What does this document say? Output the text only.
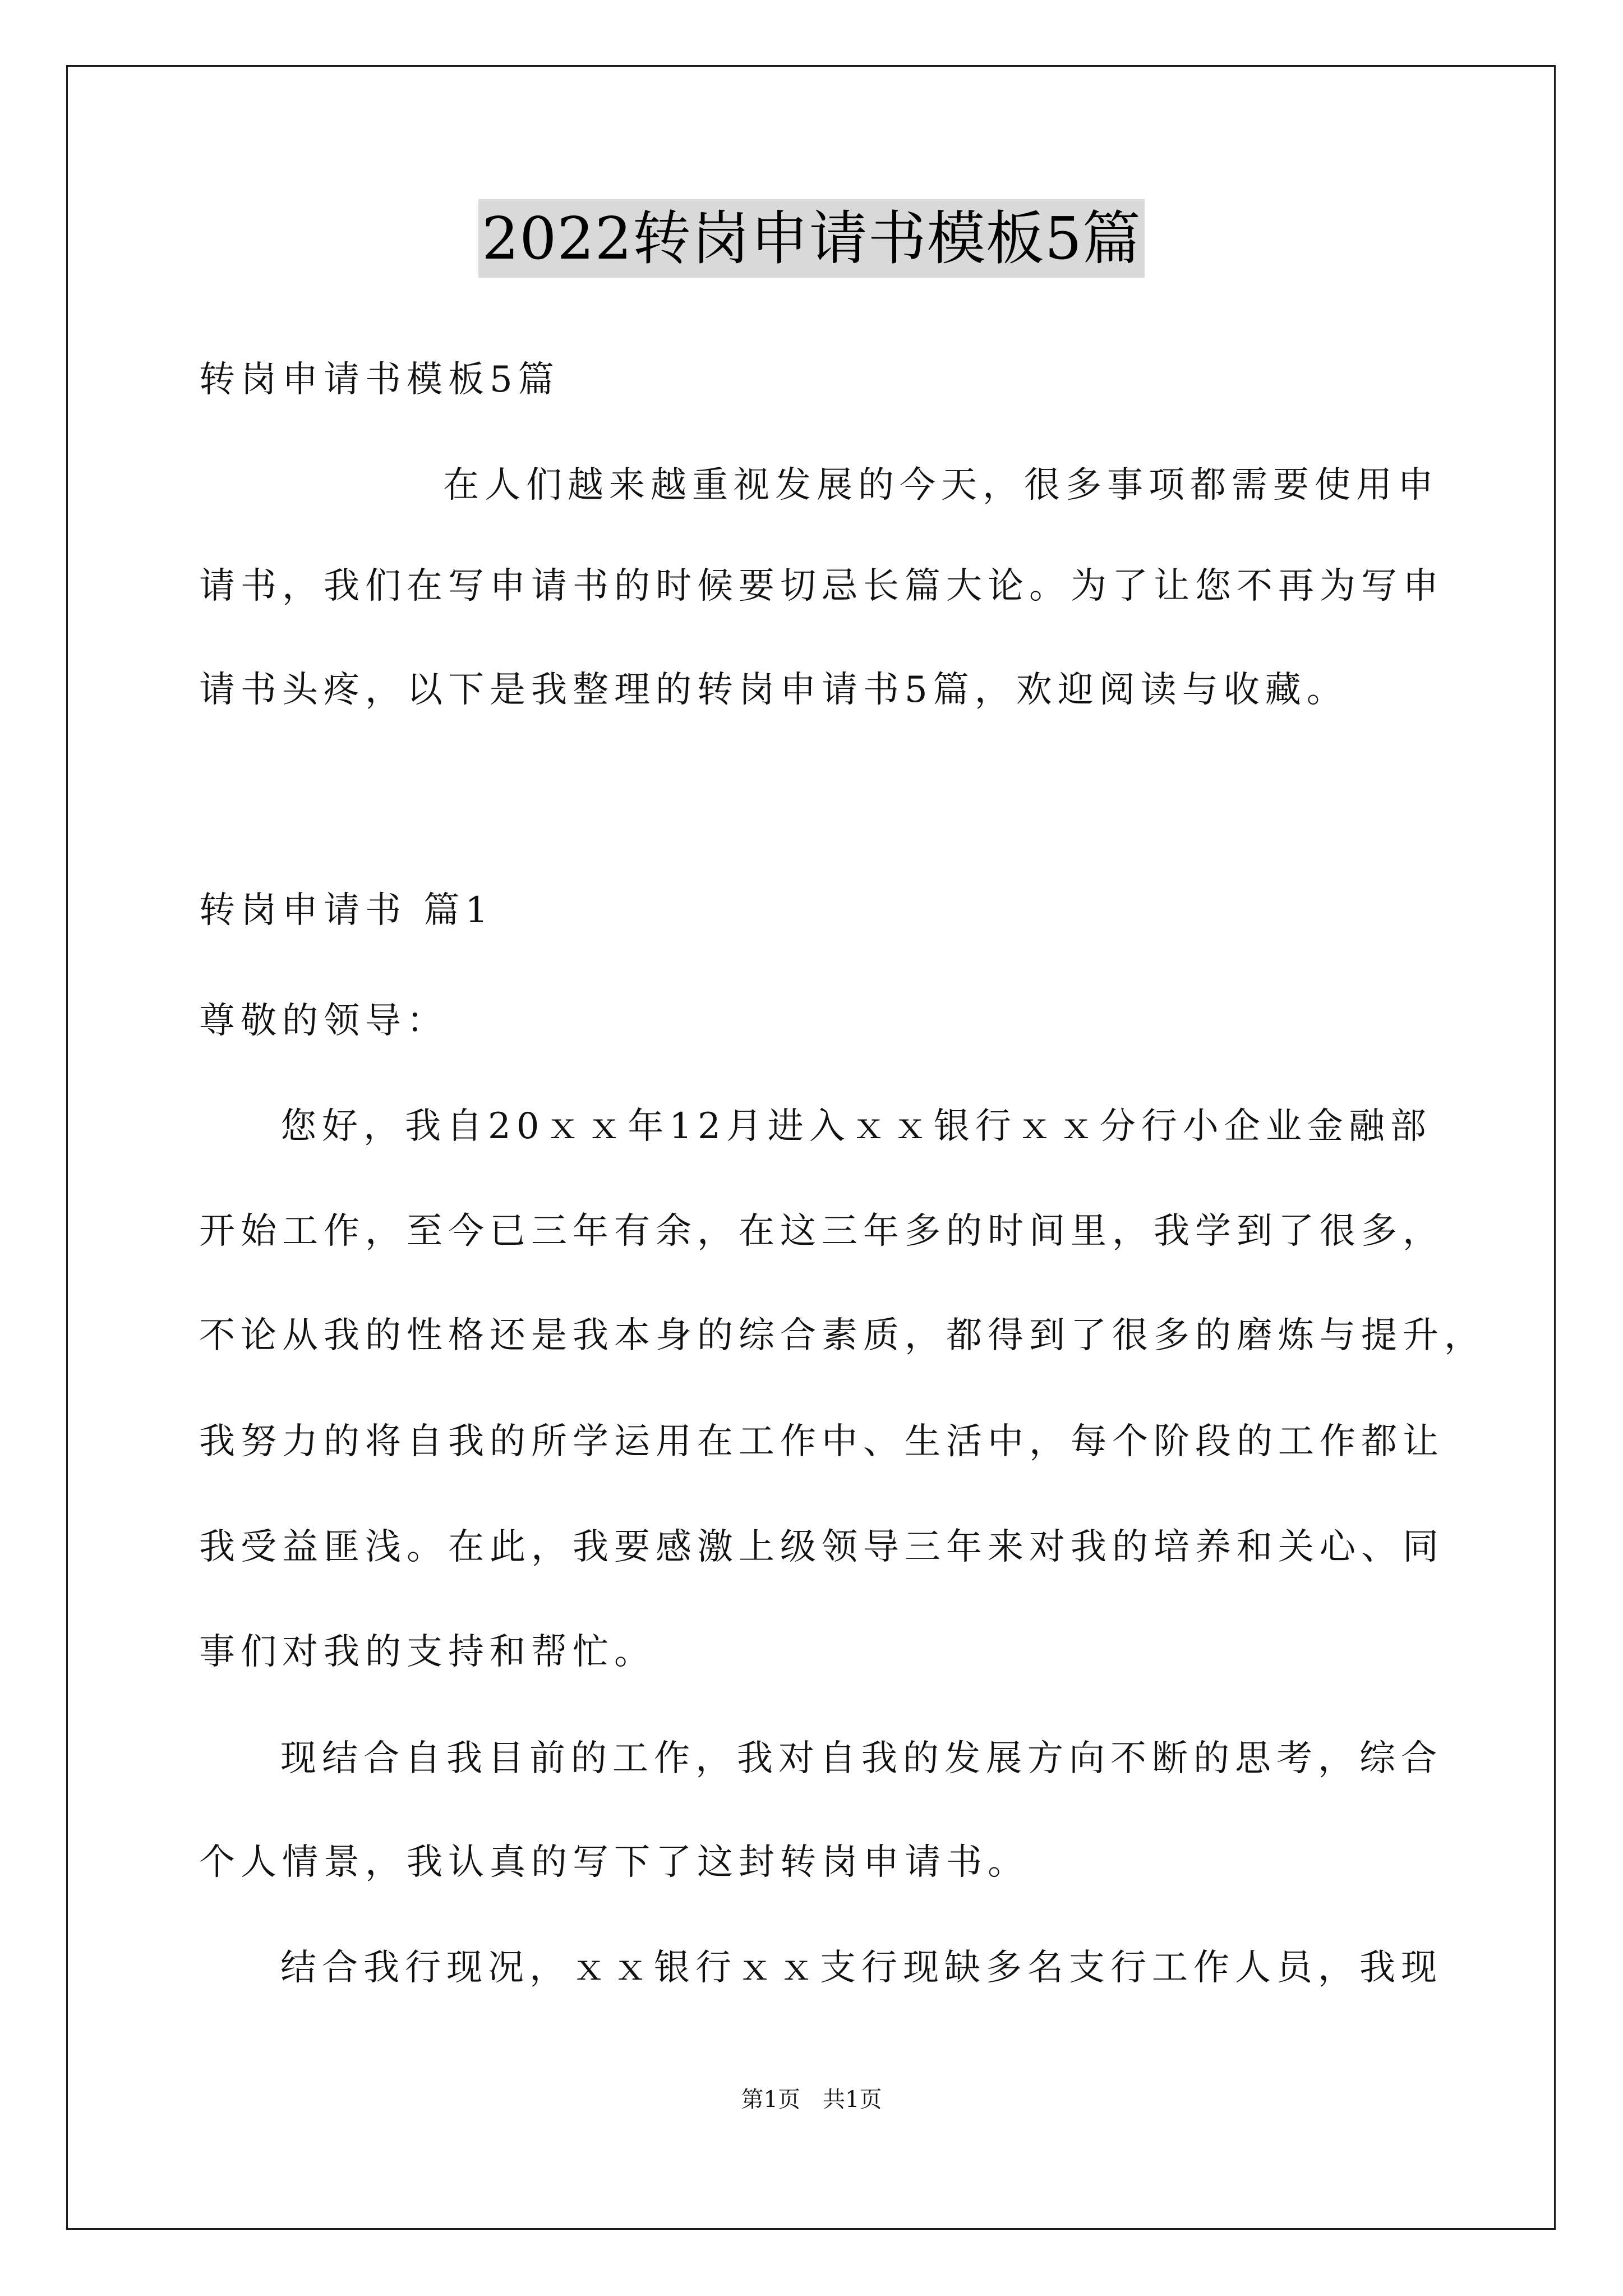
2022转岗申请书模板5篇
转岗申请书模板5篇
在人们越来越重视发展的今天，很多事项都需要使用申
请书，我们在写申请书的时候要切忌长篇大论。为了让您不再为写申
请书头疼，以下是我整理的转岗申请书5篇，欢迎阅读与收藏。
转岗申请书 篇1
尊敬的领导：
您好，我自20ｘｘ年12月进入ｘｘ银行ｘｘ分行小企业金融部
开始工作，至今已三年有余，在这三年多的时间里，我学到了很多，
不论从我的性格还是我本身的综合素质，都得到了很多的磨炼与提升，
我努力的将自我的所学运用在工作中、生活中，每个阶段的工作都让
我受益匪浅。在此，我要感激上级领导三年来对我的培养和关心、同
事们对我的支持和帮忙。
现结合自我目前的工作，我对自我的发展方向不断的思考，综合
个人情景，我认真的写下了这封转岗申请书。
结合我行现况，ｘｘ银行ｘｘ支行现缺多名支行工作人员，我现
第1页 共1页
